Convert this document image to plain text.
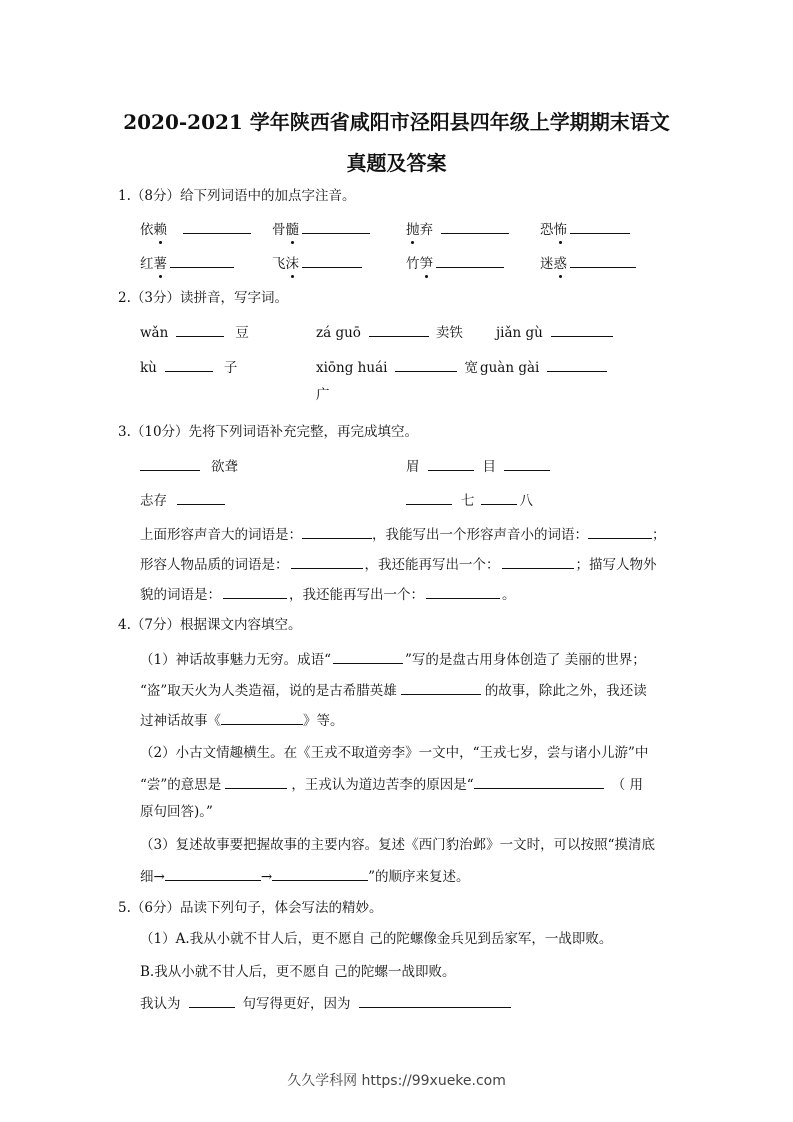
2020-2021 学年陕西省咸阳市泾阳县四年级上学期期末语文
真题及答案
1.（8分）给下列词语中的加点字注音。
依赖	骨髓	抛弃	恐怖
红薯	飞沫	竹笋	迷惑
2.（3分）读拼音，写字词。
wǎn	豆	zá guō	卖铁 jiǎn gù
kù	子	xiōng huái	宽 guàn gài
广
3.（10分）先将下列词语补充完整，再完成填空。
欲聋	眉	目
志存	七	八
上面形容声音大的词语是：	，我能写出一个形容声音小的词语：	；
形容人物品质的词语是：	，我还能再写出一个：	；描写人物外
貌的词语是：	，我还能再写出一个：	。
4.（7分）根据课文内容填空。
（1）神话故事魅力无穷。成语“	”写的是盘古用身体创造了 美丽的世界；
“盗”取天火为人类造福，说的是古希腊英雄	的故事，除此之外，我还读
过神话故事《	》等。
（2）小古文情趣横生。在《王戎不取道旁李》一文中，“王戎七岁，尝与诸小儿游”中
“尝”的意思是	，王戎认为道边苦李的原因是“	（ 用
原句回答)。”
（3）复述故事要把握故事的主要内容。复述《西门豹治邺》一文时，可以按照“摸清底
细→	→	”的顺序来复述。
5.（6分）品读下列句子，体会写法的精妙。
（1）A.我从小就不甘人后，更不愿自 己的陀螺像金兵见到岳家军，一战即败。
B.我从小就不甘人后，更不愿自 己的陀螺一战即败。
我认为	句写得更好，因为
久久学科网 https://99xueke.com
